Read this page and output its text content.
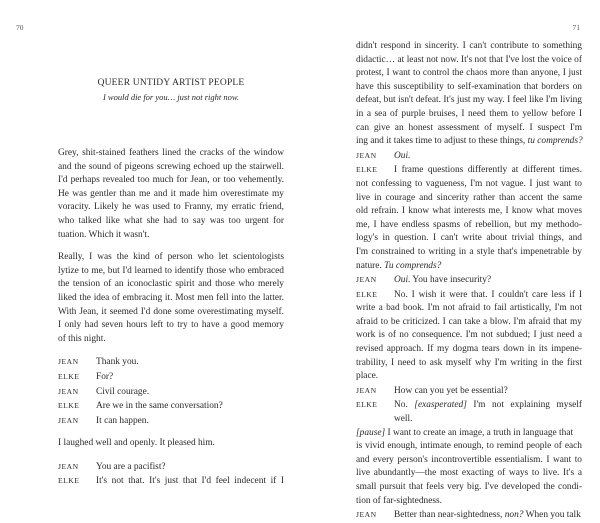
70
QUEER UNTIDY ARTIST PEOPLE
I would die for you… just not right now.
Grey, shit-stained feathers lined the cracks of the window
and the sound of pigeons screwing echoed up the stairwell.
I'd perhaps revealed too much for Jean, or too vehemently.
He was gentler than me and it made him overestimate my
voracity. Likely he was used to Franny, my erratic friend,
who talked like what she had to say was too urgent for
tuation. Which it wasn't.
Really, I was the kind of person who let scientologists
lytize to me, but I'd learned to identify those who embraced
the tension of an iconoclastic spirit and those who merely
liked the idea of embracing it. Most men fell into the latter.
With Jean, it seemed I'd done some overestimating myself.
I only had seven hours left to try to have a good memory
of this night.
JEAN	Thank you.
ELKE	For?
JEAN	Civil courage.
ELKE	Are we in the same conversation?
JEAN	It can happen.
I laughed well and openly. It pleased him.
JEAN	You are a pacifist?
ELKE	It's not that. It's just that I'd feel indecent if I
71
didn't respond in sincerity. I can't contribute to something
didactic… at least not now. It's not that I've lost the voice of
protest, I want to control the chaos more than anyone, I just
have this susceptibility to self-examination that borders on
defeat, but isn't defeat. It's just my way. I feel like I'm living
in a sea of purple bruises, I need them to yellow before I
can give an honest assessment of myself. I suspect I'm
ing and it takes time to adjust to these things, tu comprends?
JEAN	Oui.
ELKE	I frame questions differently at different times.
not confessing to vagueness, I'm not vague. I just want to
live in courage and sincerity rather than accent the same
old refrain. I know what interests me, I know what moves
me, I have endless spasms of rebellion, but my methodo-
logy's in question. I can't write about trivial things, and
I'm constrained to writing in a style that's impenetrable by
nature. Tu comprends?
JEAN	Oui. You have insecurity?
ELKE	No. I wish it were that. I couldn't care less if I
write a bad book. I'm not afraid to fail artistically, I'm not
afraid to be criticized. I can take a blow. I'm afraid that my
work is of no consequence. I'm not subdued; I just need a
revised approach. If my dogma tears down in its impene-
trability, I need to ask myself why I'm writing in the first
place.
JEAN	How can you yet be essential?
ELKE	No. [exasperated] I'm not explaining myself well.
[pause] I want to create an image, a truth in language that
is vivid enough, intimate enough, to remind people of each
and every person's incontrovertible essentialism. I want to
live abundantly—the most exacting of ways to live. It's a
small pursuit that feels very big. I've developed the condi-
tion of far-sightedness.
JEAN	Better than near-sightedness, non? When you talk
